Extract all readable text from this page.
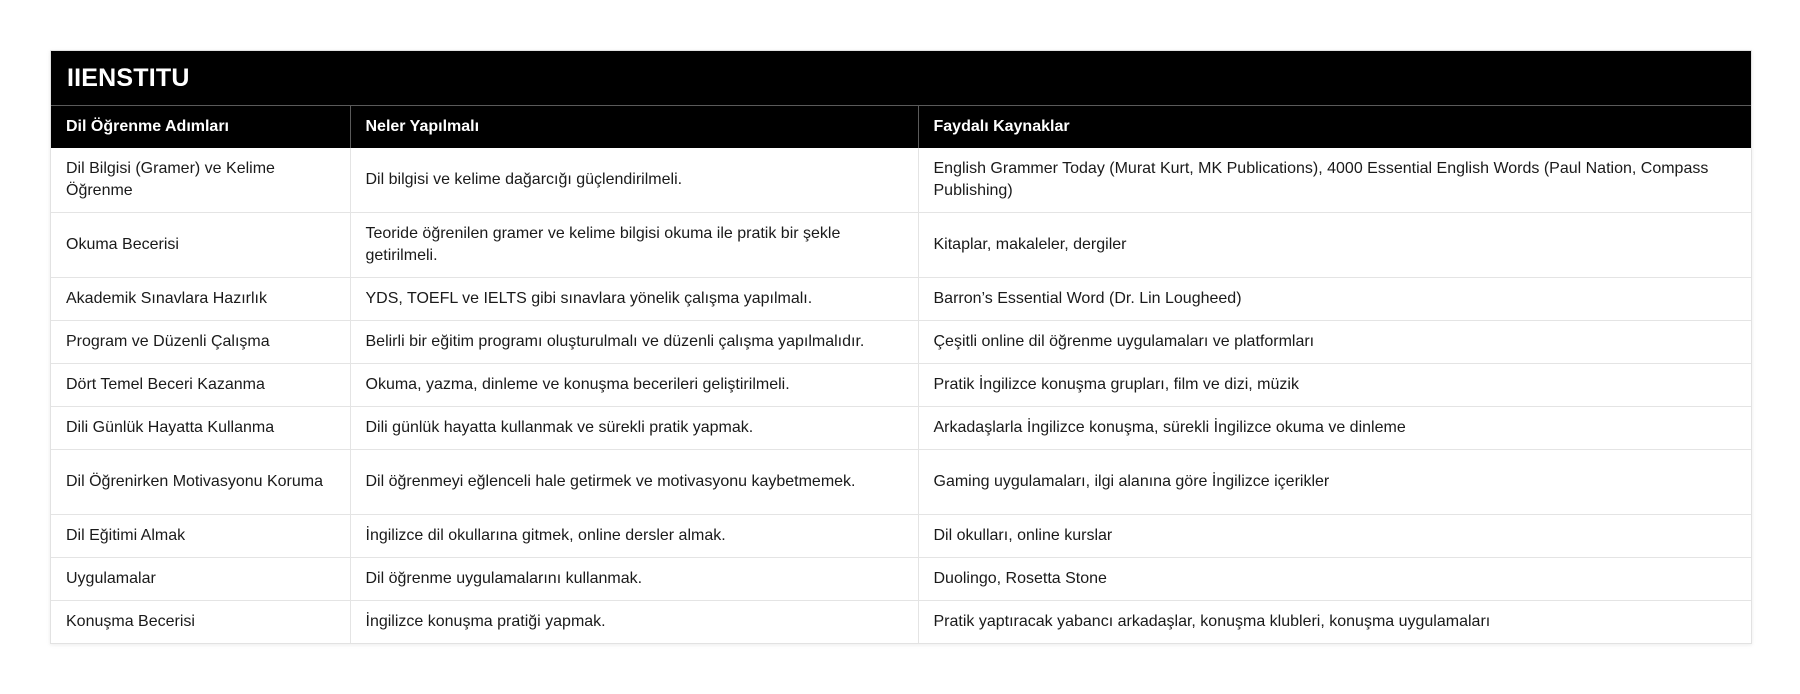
IIENSTITU
Dil Öğrenme Adımları	Neler Yapılmalı	Faydalı Kaynaklar
Dil Bilgisi (Gramer) ve Kelime Öğrenme	Dil bilgisi ve kelime dağarcığı güçlendirilmeli.	English Grammer Today (Murat Kurt, MK Publications), 4000 Essential English Words (Paul Nation, Compass Publishing)
Okuma Becerisi	Teoride öğrenilen gramer ve kelime bilgisi okuma ile pratik bir şekle getirilmeli.	Kitaplar, makaleler, dergiler
Akademik Sınavlara Hazırlık	YDS, TOEFL ve IELTS gibi sınavlara yönelik çalışma yapılmalı.	Barron’s Essential Word (Dr. Lin Lougheed)
Program ve Düzenli Çalışma	Belirli bir eğitim programı oluşturulmalı ve düzenli çalışma yapılmalıdır.	Çeşitli online dil öğrenme uygulamaları ve platformları
Dört Temel Beceri Kazanma	Okuma, yazma, dinleme ve konuşma becerileri geliştirilmeli.	Pratik İngilizce konuşma grupları, film ve dizi, müzik
Dili Günlük Hayatta Kullanma	Dili günlük hayatta kullanmak ve sürekli pratik yapmak.	Arkadaşlarla İngilizce konuşma, sürekli İngilizce okuma ve dinleme
Dil Öğrenirken Motivasyonu Koruma	Dil öğrenmeyi eğlenceli hale getirmek ve motivasyonu kaybetmemek.	Gaming uygulamaları, ilgi alanına göre İngilizce içerikler
Dil Eğitimi Almak	İngilizce dil okullarına gitmek, online dersler almak.	Dil okulları, online kurslar
Uygulamalar	Dil öğrenme uygulamalarını kullanmak.	Duolingo, Rosetta Stone
Konuşma Becerisi	İngilizce konuşma pratiği yapmak.	Pratik yaptıracak yabancı arkadaşlar, konuşma klubleri, konuşma uygulamaları
